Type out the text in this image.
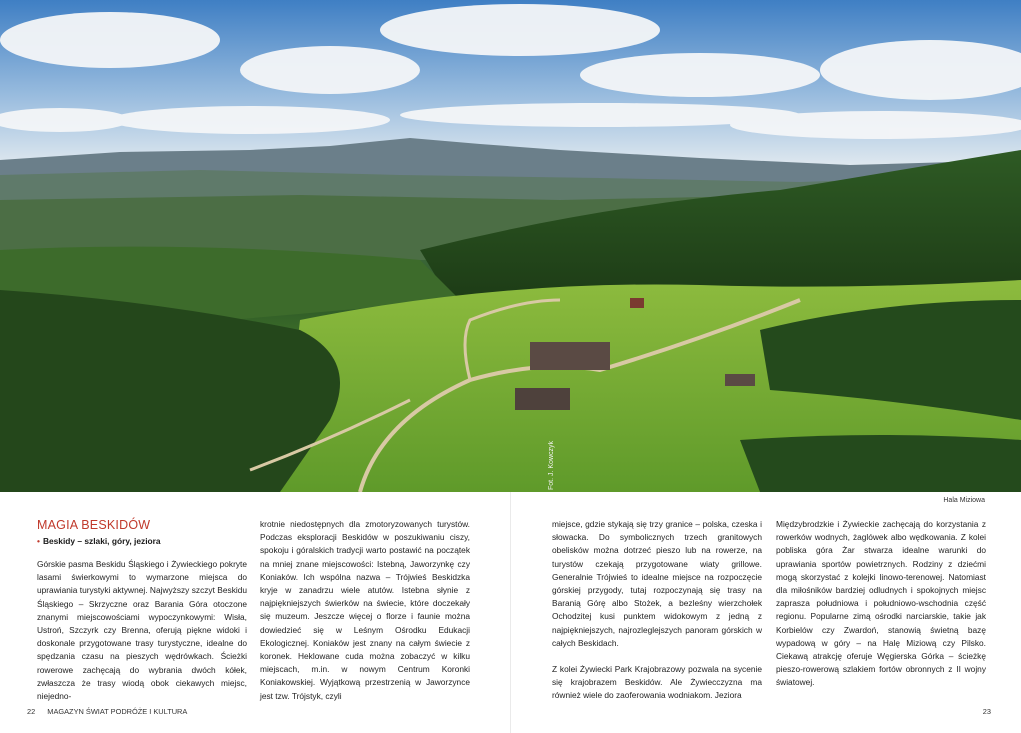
Fot. J. Kowczyk
Hala Miziowa
MAGIA BESKIDÓW
• Beskidy – szlaki, góry, jeziora

Górskie pasma Beskidu Śląskiego i Żywieckiego pokryte lasami świerkowymi to wymarzone miejsca do uprawiania turystyki aktywnej. Najwyższy szczyt Beskidu Śląskiego – Skrzyczne oraz Barania Góra otoczone znanymi miejscowościami wypoczynkowymi: Wisła, Ustroń, Szczyrk czy Brenna, oferują piękne widoki i doskonale przygotowane trasy turystyczne, idealne do spędzania czasu na pieszych wędrówkach. Ścieżki rowerowe zachęcają do wybrania dwóch kółek, zwłaszcza że trasy wiodą obok ciekawych miejsc, niejedno-

krotnie niedostępnych dla zmotoryzowanych turystów. Podczas eksploracji Beskidów w poszukiwaniu ciszy, spokoju i góralskich tradycji warto postawić na początek na mniej znane miejscowości: Istebną, Jaworzynkę czy Koniaków. Ich wspólna nazwa – Trójwieś Beskidzka kryje w zanadrzu wiele atutów. Istebna słynie z najpiękniejszych świerków na świecie, które doczekały się muzeum. Jeszcze więcej o florze i faunie można dowiedzieć się w Leśnym Ośrodku Edukacji Ekologicznej. Koniaków jest znany na całym świecie z koronek. Heklowane cuda można zobaczyć w kilku miejscach, m.in. w nowym Centrum Koronki Koniakowskiej. Wyjątkową przestrzenią w Jaworzynce jest tzw. Trójstyk, czyli

miejsce, gdzie stykają się trzy granice – polska, czeska i słowacka. Do symbolicznych trzech granitowych obelisków można dotrzeć pieszo lub na rowerze, na turystów czekają przygotowane wiaty grillowe. Generalnie Trójwieś to idealne miejsce na rozpoczęcie górskiej przygody, tutaj rozpoczynają się trasy na Baranią Górę albo Stożek, a bezleśny wierzchołek Ochodzitej kusi punktem widokowym z jedną z najpiękniejszych, najrozleglejszych panoram górskich w całych Beskidach.

Z kolei Żywiecki Park Krajobrazowy pozwala na sycenie się krajobrazem Beskidów. Ale Żywiecczyzna ma również wiele do zaoferowania wodniakom. Jeziora

Międzybrodzkie i Żywieckie zachęcają do korzystania z rowerków wodnych, żaglówek albo wędkowania. Z kolei pobliska góra Żar stwarza idealne warunki do uprawiania sportów powietrznych. Rodziny z dziećmi mogą skorzystać z kolejki linowo-terenowej. Natomiast dla miłośników bardziej odludnych i spokojnych miejsc zaprasza południowa i południowo-wschodnia część regionu. Popularne zimą ośrodki narciarskie, takie jak Korbielów czy Zwardoń, stanowią świetną bazę wypadową w góry – na Halę Miziową czy Pilsko. Ciekawą atrakcję oferuje Węgierska Górka – ścieżkę pieszo-rowerową szlakiem fortów obronnych z II wojny światowej.

22 MAGAZYN ŚWIAT PODRÓŻE I KULTURA	23
